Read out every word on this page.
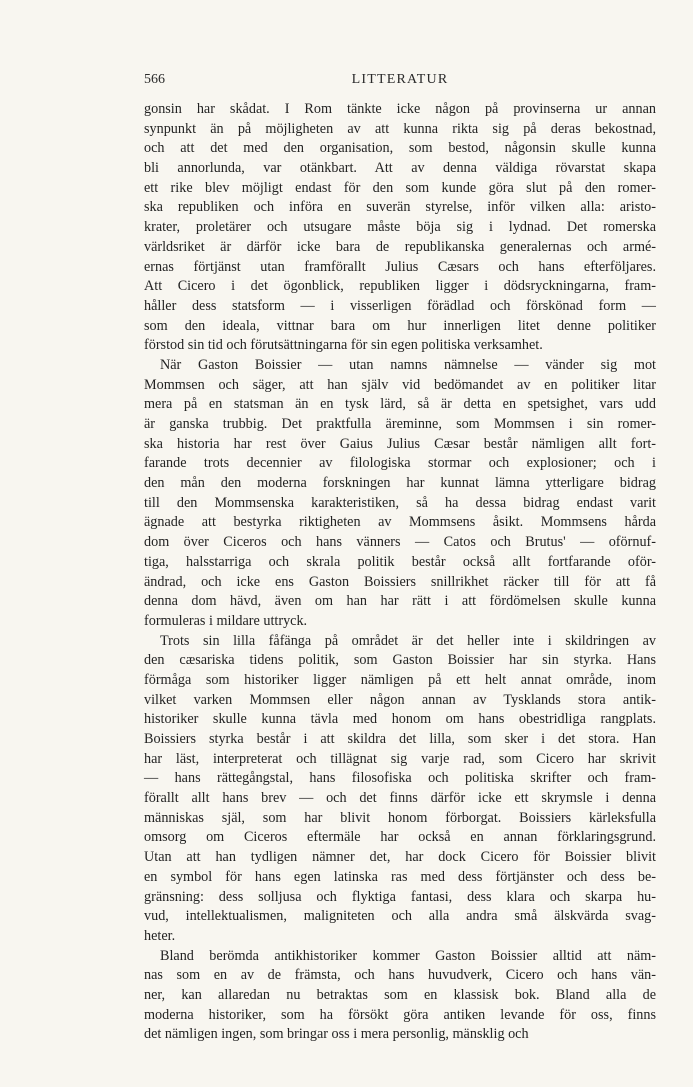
566	LITTERATUR

gonsin har skådat. I Rom tänkte icke någon på provinserna ur annan
synpunkt än på möjligheten av att kunna rikta sig på deras bekostnad,
och att det med den organisation, som bestod, någonsin skulle kunna
bli annorlunda, var otänkbart. Att av denna väldiga rövarstat skapa
ett rike blev möjligt endast för den som kunde göra slut på den romer-
ska republiken och införa en suverän styrelse, inför vilken alla: aristo-
krater, proletärer och utsugare måste böja sig i lydnad. Det romerska
världsriket är därför icke bara de republikanska generalernas och armé-
ernas förtjänst utan framförallt Julius Cæsars och hans efterföljares.
Att Cicero i det ögonblick, republiken ligger i dödsryckningarna, fram-
håller dess statsform — i visserligen förädlad och förskönad form —
som den ideala, vittnar bara om hur innerligen litet denne politiker
förstod sin tid och förutsättningarna för sin egen politiska verksamhet.

När Gaston Boissier — utan namns nämnelse — vänder sig mot
Mommsen och säger, att han själv vid bedömandet av en politiker litar
mera på en statsman än en tysk lärd, så är detta en spetsighet, vars udd
är ganska trubbig. Det praktfulla äreminne, som Mommsen i sin romer-
ska historia har rest över Gaius Julius Cæsar består nämligen allt fort-
farande trots decennier av filologiska stormar och explosioner; och i
den mån den moderna forskningen har kunnat lämna ytterligare bidrag
till den Mommsenska karakteristiken, så ha dessa bidrag endast varit
ägnade att bestyrka riktigheten av Mommsens åsikt. Mommsens hårda
dom över Ciceros och hans vänners — Catos och Brutus' — oförnuf-
tiga, halsstarriga och skrala politik består också allt fortfarande oför-
ändrad, och icke ens Gaston Boissiers snillrikhet räcker till för att få
denna dom hävd, även om han har rätt i att fördömelsen skulle kunna
formuleras i mildare uttryck.

Trots sin lilla fåfänga på området är det heller inte i skildringen av
den cæsariska tidens politik, som Gaston Boissier har sin styrka. Hans
förmåga som historiker ligger nämligen på ett helt annat område, inom
vilket varken Mommsen eller någon annan av Tysklands stora antik-
historiker skulle kunna tävla med honom om hans obestridliga rangplats.
Boissiers styrka består i att skildra det lilla, som sker i det stora. Han
har läst, interpreterat och tillägnat sig varje rad, som Cicero har skrivit
— hans rättegångstal, hans filosofiska och politiska skrifter och fram-
förallt allt hans brev — och det finns därför icke ett skrymsle i denna
människas själ, som har blivit honom förborgat. Boissiers kärleksfulla
omsorg om Ciceros eftermäle har också en annan förklaringsgrund.
Utan att han tydligen nämner det, har dock Cicero för Boissier blivit
en symbol för hans egen latinska ras med dess förtjänster och dess be-
gränsning: dess solljusa och flyktiga fantasi, dess klara och skarpa hu-
vud, intellektualismen, maligniteten och alla andra små älskvärda svag-
heter.

Bland berömda antikhistoriker kommer Gaston Boissier alltid att näm-
nas som en av de främsta, och hans huvudverk, Cicero och hans vän-
ner, kan allaredan nu betraktas som en klassisk bok. Bland alla de
moderna historiker, som ha försökt göra antiken levande för oss, finns
det nämligen ingen, som bringar oss i mera personlig, mänsklig och
